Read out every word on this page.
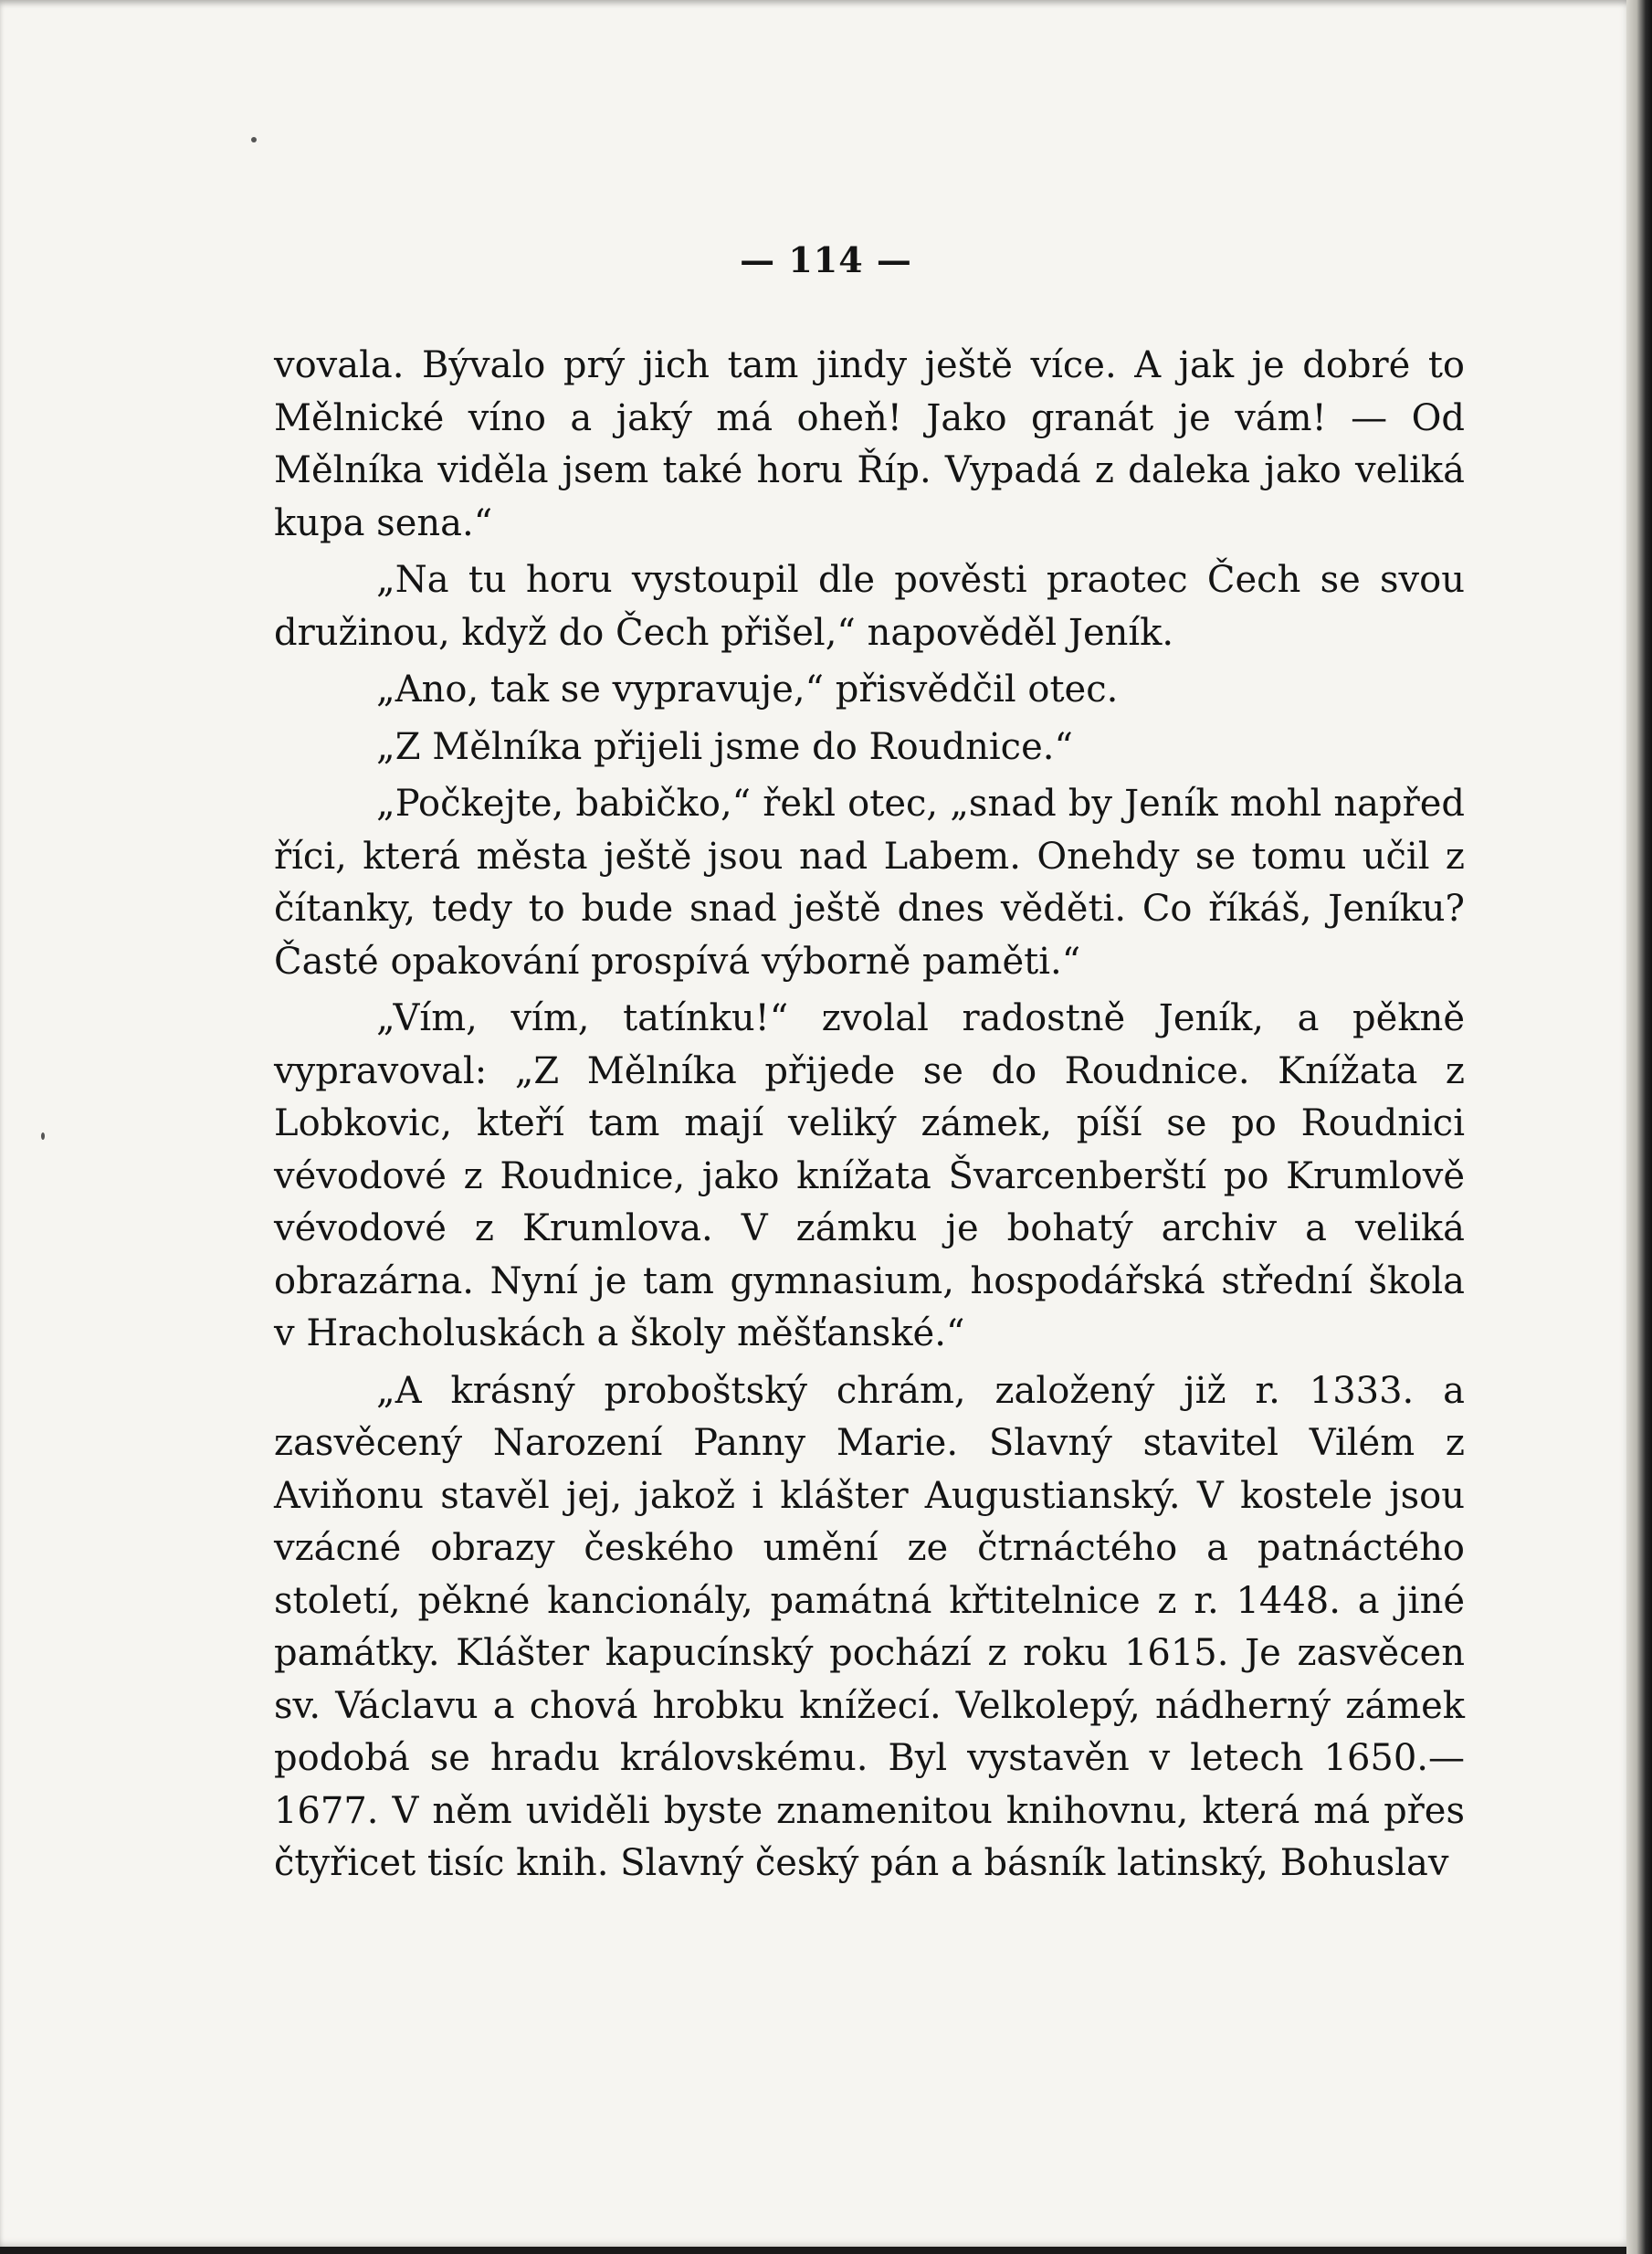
— 114 —

vovala. Bývalo prý jich tam jindy ještě více. A jak je dobré to Mělnické víno a jaký má oheň! Jako granát je vám! — Od Mělníka viděla jsem také horu Říp. Vypadá z daleka jako veliká kupa sena.“

„Na tu horu vystoupil dle pověsti praotec Čech se svou družinou, když do Čech přišel,“ napověděl Jeník.

„Ano, tak se vypravuje,“ přisvědčil otec.

„Z Mělníka přijeli jsme do Roudnice.“

„Počkejte, babičko,“ řekl otec, „snad by Jeník mohl napřed říci, která města ještě jsou nad Labem. Onehdy se tomu učil z čítanky, tedy to bude snad ještě dnes věděti. Co říkáš, Jeníku? Časté opakování prospívá výborně paměti.“

„Vím, vím, tatínku!“ zvolal radostně Jeník, a pěkně vypravoval: „Z Mělníka přijede se do Roudnice. Knížata z Lobkovic, kteří tam mají veliký zámek, píší se po Roudnici vévodové z Roudnice, jako knížata Švarcenberští po Krumlově vévodové z Krumlova. V zámku je bohatý archiv a veliká obrazárna. Nyní je tam gymnasium, hospodářská střední škola v Hracholuskách a školy měšťanské.“

„A krásný proboštský chrám, založený již r. 1333. a zasvěcený Narození Panny Marie. Slavný stavitel Vilém z Aviňonu stavěl jej, jakož i klášter Augustianský. V kostele jsou vzácné obrazy českého umění ze čtrnáctého a patnáctého století, pěkné kancionály, památná křtitelnice z r. 1448. a jiné památky. Klášter kapucínský pochází z roku 1615. Je zasvěcen sv. Václavu a chová hrobku knížecí. Velkolepý, nádherný zámek podobá se hradu královskému. Byl vystavěn v letech 1650.—1677. V něm uviděli byste znamenitou knihovnu, která má přes čtyřicet tisíc knih. Slavný český pán a básník latinský, Bohuslav
